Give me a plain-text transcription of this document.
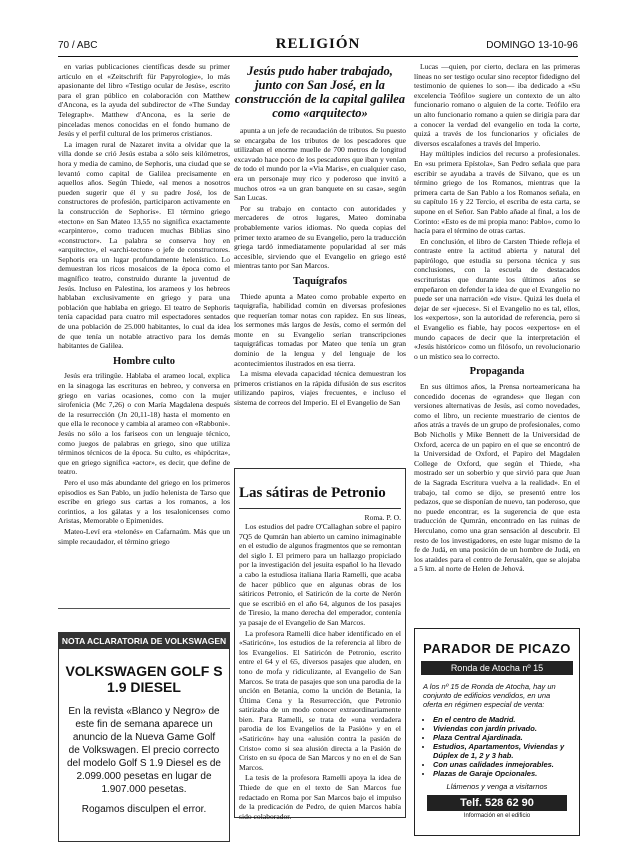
70 / ABC	RELIGIÓN	DOMINGO 13-10-96

en varias publicaciones científicas desde su primer artículo en el «Zeitschrift für Papyrologie», lo más apasionante del libro «Testigo ocular de Jesús», escrito para el gran público en colaboración con Matthew d'Ancona, es la ayuda del subdirector de «The Sunday Telegraph». Matthew d'Ancona, es la serie de pinceladas menos conocidas en el fondo humano de Jesús y el perfil cultural de los primeros cristianos.

La imagen rural de Nazaret invita a olvidar que la villa donde se crió Jesús estaba a sólo seis kilómetros, hora y media de camino, de Sephoris, una ciudad que se levantó como capital de Galilea precisamente en aquellos años. Según Thiede, «al menos a nosotros pueden sugerir que él y su padre José, los de constructores de profesión, participaron activamente en la construcción de Sephoris». El término griego «tecton» en San Mateo 13,55 no significa exactamente «carpintero», como traducen muchas Biblias sino «constructor». La palabra se conserva hoy en «arquitecto», el «archi-tecton» o jefe de constructores. Sephoris era un lugar profundamente helenístico. Lo demuestran los ricos mosaicos de la época como el magnífico teatro, construido durante la juventud de Jesús. Incluso en Palestina, los arameos y los hebreos hablaban exclusivamente en griego y para una población que hablaba en griego. El teatro de Sephoris tenía capacidad para cuatro mil espectadores sentados de una población de 25.000 habitantes, lo cual da idea de que tenía un notable atractivo para los demás habitantes de Galilea.

Hombre culto

Jesús era trilingüe. Hablaba el arameo local, explica en la sinagoga las escrituras en hebreo, y conversa en griego en varias ocasiones, como con la mujer sirofenicia (Mc 7,26) o con María Magdalena después de la resurrección (Jn 20,11-18) hasta el momento en que ella le reconoce y cambia al arameo con «Rabboni». Jesús no sólo a los fariseos con un lenguaje técnico, como juegos de palabras en griego, sino que utiliza términos técnicos de la época. Su culto, es «hipócrita», que en griego significa «actor», es decir, que define de teatro.

Pero el uso más abundante del griego en los primeros episodios es San Pablo, un judío helenista de Tarso que escribe en griego sus cartas a los romanos, a los corintios, a los gálatas y a los tesalonicenses como Aristas, Memorable o Epimenides.

Mateo-Leví era «telonés» en Cafarnaúm. Más que un simple recaudador, el término griego

Jesús pudo haber trabajado, junto con San José, en la construcción de la capital galilea como «arquitecto»

apunta a un jefe de recaudación de tributos. Su puesto se encargaba de los tributos de los pescadores que utilizaban el enorme muelle de 700 metros de longitud excavado hace poco de los pescadores que iban y venían de todo el mundo por la «Via Maris», en cualquier caso, era un personaje muy rico y poderoso que invitó a muchos otros «a un gran banquete en su casa», según San Lucas.

Por su trabajo en contacto con autoridades y mercaderes de otros lugares, Mateo dominaba probablemente varios idiomas. No queda copias del primer texto arameo de su Evangelio, pero la traducción griega tardó inmediatamente popularidad al ser más accesible, sirviendo que el Evangelio en griego esté mientras tanto por San Marcos.

Taquígrafos

Thiede apunta a Mateo como probable experto en taquigrafía, habilidad común en diversas profesiones que requerían tomar notas con rapidez. En sus líneas, los sermones más largos de Jesús, como el sermón del monte en su Evangelio serían transcripciones taquigráficas tomadas por Mateo que tenía un gran dominio de la lengua y del lenguaje de los acontecimientos ilustrados en esa tierra.

La misma elevada capacidad técnica demuestran los primeros cristianos en la rápida difusión de sus escritos utilizando papiros, viajes frecuentes, e incluso el sistema de correos del Imperio. El el Evangelio de San

Las sátiras de Petronio
Roma. P. O.

Los estudios del padre O'Callaghan sobre el papiro 7Q5 de Qumrán han abierto un camino inimaginable en el estudio de algunos fragmentos que se remontan del siglo I. El primero para un hallazgo propiciado por la investigación del jesuita español lo ha llevado a cabo la estudiosa italiana Ilaria Ramelli, que acaba de hacer público que en algunas obras de los sátiricos Petronio, el Satiricón de la corte de Nerón que se escribió en el año 64, algunos de los pasajes de Tiresio, la mano derecha del emperador, contenía ya pasaje de el Evangelio de San Marcos.

La profesora Ramelli dice haber identificado en el «Satiricón», los estudios de la referencia al libro de los Evangelios. El Satiricón de Petronio, escrito entre el 64 y el 65, diversos pasajes que aluden, en tono de mofa y ridiculizante, al Evangelio de San Marcos. Se trata de pasajes que son una parodia de la unción en Betania, como la unción de Betania, la Última Cena y la Resurrección, que Petronio satirizaba de un modo conocer extraordinariamente bien. Para Ramelli, se trata de «una verdadera parodia de los Evangelios de la Pasión» y en el «Satiricón» hay una «alusión contra la pasión de Cristo» como si sea alusión directa a la Pasión de Cristo en su época de San Marcos y no en el de San Marcos.

La tesis de la profesora Ramelli apoya la idea de Thiede de que en el texto de San Marcos fue redactado en Roma por San Marcos bajo el impulso de la predicación de Pedro, de quien Marcos había sido colaborador.

Lucas —quien, por cierto, declara en las primeras líneas no ser testigo ocular sino receptor fidedigno del testimonio de quienes lo son— iba dedicado a «Su excelencia Teófilo» sugiere un contexto de un alto funcionario romano o alguien de la corte. Teófilo era un alto funcionario romano a quien se dirigía para dar a conocer la verdad del evangelio en toda la corte, quizá a través de los funcionarios y oficiales de diversos escalafones a través del Imperio.

Hay múltiples indicios del recurso a profesionales. En «su primera Epístola», San Pedro señala que para escribir se ayudaba a través de Silvano, que es un término griego de los Romanos, mientras que la primera carta de San Pablo a los Romanos señala, en su capítulo 16 y 22 Tercio, el escriba de esta carta, se supone en el Señor. San Pablo añade al final, a los de Corinto: «Esto es de mi propia mano: Pablo», como lo hacía para el término de otras cartas.

En conclusión, el libro de Carsten Thiede refleja el contraste entre la actitud abierta y natural del papirólogo, que estudia su persona técnica y sus conclusiones, con la escuela de destacados escrituristas que durante los últimos años se empeñaron en defender la idea de que el Evangelio no puede ser una narración «de visu». Quizá les duela el dejar de ser «jueces». Si el Evangelio no es tal, ellos, los «expertos», son la autoridad de referencia, pero si el Evangelio es fiable, hay pocos «expertos» en el mundo capaces de decir que la interpretación el «Jesús histórico» como un filósofo, un revolucionario o un místico sea lo correcto.

Propaganda

En sus últimos años, la Prensa norteamericana ha concedido docenas de «grandes» que llegan con versiones alternativas de Jesús, así como novedades, como el libro, un reciente muestrario de cientos de años atrás a través de un grupo de profesionales, como Bob Nicholls y Mike Bennett de la Universidad de Oxford, acerca de un papiro en el que se encontró de la Universidad de Oxford, el Papiro del Magdalen College de Oxford, que según el Thiede, «ha mostrado ser un soberbio y que sirvió para que Juan de la Sagrada Escritura vuelva a la realidad». En el trabajo, tal como se dijo, se presentó entre los pedazos, que se disponían de nuevo, tan poderoso, que no puede encontrar, es la sugerencia de que esta traducción de Qumrán, encontrado en las ruinas de Herculano, como una gran sensación al descubrir. El resto de los investigadores, en este lugar mismo de la fe de Judá, en una posición de un hombre de Judá, en los ataúdes para el centro de Jerusalén, que se alojaba a 5 km. al norte de Helen de Jehová.

NOTA ACLARATORIA DE VOLKSWAGEN
VOLKSWAGEN GOLF S
1.9 DIESEL
En la revista «Blanco y Negro» de este fin de semana aparece un anuncio de la Nueva Game Golf de Volkswagen. El precio correcto del modelo Golf S 1.9 Diesel es de 2.099.000 pesetas en lugar de 1.907.000 pesetas.
Rogamos disculpen el error.
PARADOR DE PICAZO
Ronda de Atocha nº 15
A los nº 15 de Ronda de Atocha, hay un conjunto de edificios vendidos, en una oferta en régimen especial de venta:
• En el centro de Madrid.
• Viviendas con jardín privado.
• Plaza Central Ajardinada.
• Estudios, Apartamentos, Viviendas y Dúplex de 1, 2 y 3 hab.
• Con unas calidades inmejorables.
• Plazas de Garaje Opcionales.
Llámenos y venga a visitarnos
Telf. 528 62 90
Información en el edificio
